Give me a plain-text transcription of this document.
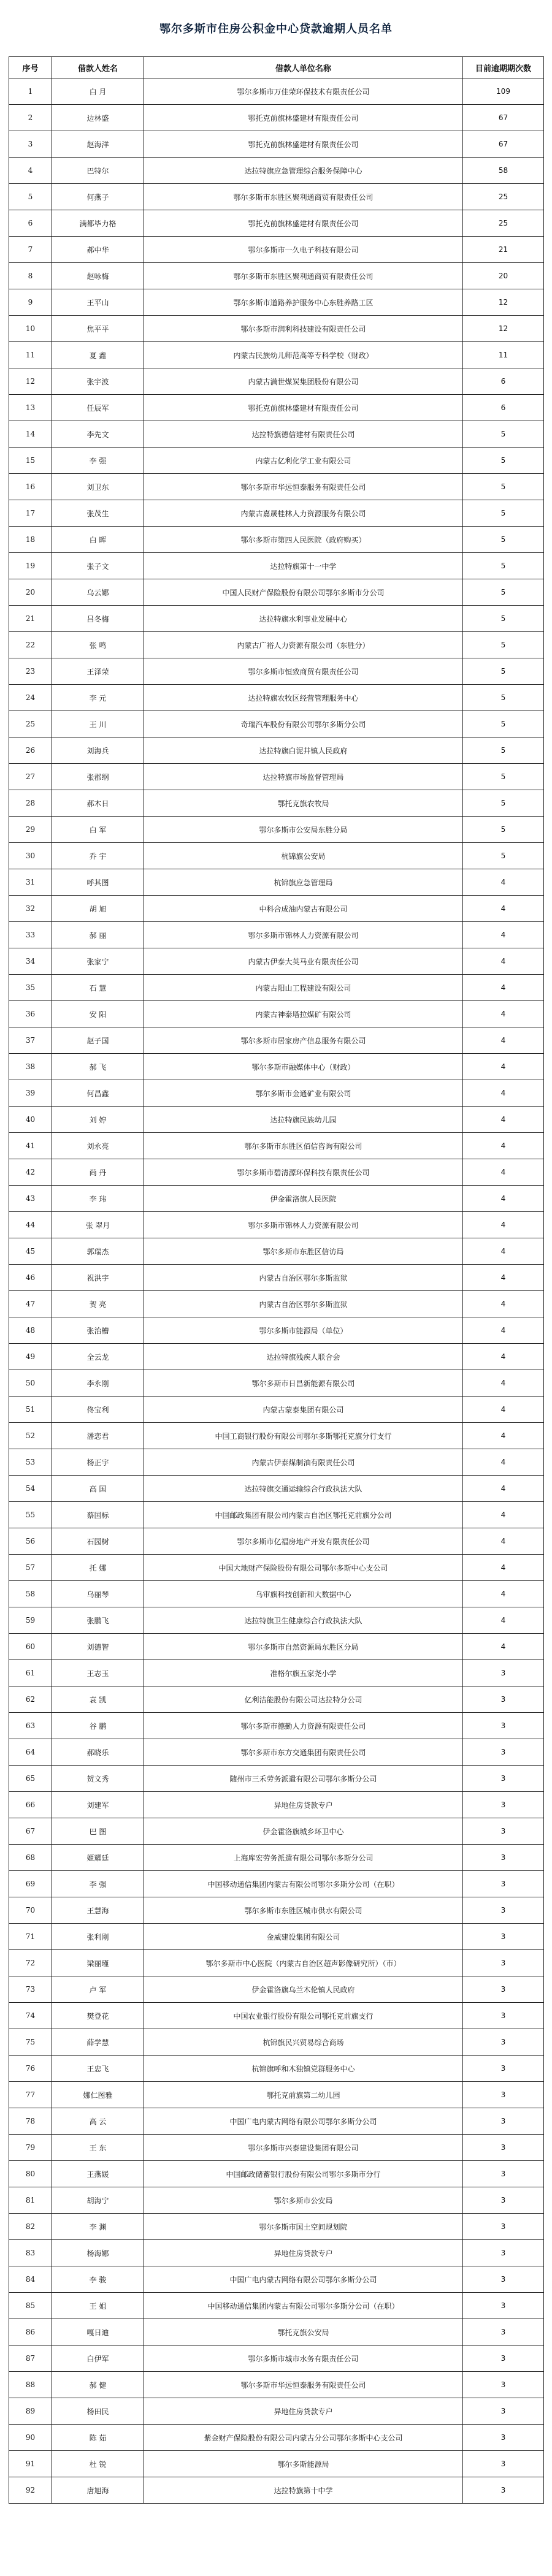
鄂尔多斯市住房公积金中心贷款逾期人员名单
序号	借款人姓名	借款人单位名称	目前逾期期次数
1	白 月	鄂尔多斯市万佳荣环保技术有限责任公司	109
2	边林盛	鄂托克前旗林盛建材有限责任公司	67
3	赵海洋	鄂托克前旗林盛建材有限责任公司	67
4	巴特尔	达拉特旗应急管理综合服务保障中心	58
5	何燕子	鄂尔多斯市东胜区聚利通商贸有限责任公司	25
6	满都毕力格	鄂托克前旗林盛建材有限责任公司	25
7	郝中华	鄂尔多斯市一久电子科技有限公司	21
8	赵咏梅	鄂尔多斯市东胜区聚利通商贸有限责任公司	20
9	王平山	鄂尔多斯市道路养护服务中心东胜养路工区	12
10	焦平平	鄂尔多斯市润利科技建设有限责任公司	12
11	夏 鑫	内蒙古民族幼儿师范高等专科学校（财政）	11
12	张宇波	内蒙古满世煤炭集团股份有限公司	6
13	任辰军	鄂托克前旗林盛建材有限责任公司	6
14	李先文	达拉特旗德信建材有限责任公司	5
15	李 强	内蒙古亿利化学工业有限公司	5
16	刘卫东	鄂尔多斯市华远恒泰服务有限责任公司	5
17	张茂生	内蒙古嘉晟桂林人力资源服务有限公司	5
18	白 晖	鄂尔多斯市第四人民医院（政府购买）	5
19	张子文	达拉特旗第十一中学	5
20	乌云娜	中国人民财产保险股份有限公司鄂尔多斯市分公司	5
21	吕冬梅	达拉特旗水利事业发展中心	5
22	张 鸣	内蒙古广裕人力资源有限公司（东胜分）	5
23	王泽荣	鄂尔多斯市恒致商贸有限责任公司	5
24	李 元	达拉特旗农牧区经营管理服务中心	5
25	王 川	奇瑞汽车股份有限公司鄂尔多斯分公司	5
26	刘海兵	达拉特旗白泥井镇人民政府	5
27	张郡纲	达拉特旗市场监督管理局	5
28	郝木日	鄂托克旗农牧局	5
29	白 军	鄂尔多斯市公安局东胜分局	5
30	乔 宇	杭锦旗公安局	5
31	呼其图	杭锦旗应急管理局	4
32	胡 旭	中科合成油内蒙古有限公司	4
33	郝 丽	鄂尔多斯市锦林人力资源有限公司	4
34	张家宁	内蒙古伊泰大英马业有限责任公司	4
35	石 慧	内蒙古阳山工程建设有限公司	4
36	安 阳	内蒙古神泰塔拉煤矿有限公司	4
37	赵子国	鄂尔多斯市居家房产信息服务有限公司	4
38	郝 飞	鄂尔多斯市融媒体中心（财政）	4
39	何昌鑫	鄂尔多斯市金通矿业有限公司	4
40	刘 婷	达拉特旗民族幼儿园	4
41	刘永亮	鄂尔多斯市东胜区佰信咨询有限公司	4
42	尚 丹	鄂尔多斯市碧清源环保科技有限责任公司	4
43	李 玮	伊金霍洛旗人民医院	4
44	张 翠月	鄂尔多斯市锦林人力资源有限公司	4
45	郭瑞杰	鄂尔多斯市东胜区信访局	4
46	祝洪宇	内蒙古自治区鄂尔多斯监狱	4
47	贺 亮	内蒙古自治区鄂尔多斯监狱	4
48	张治槽	鄂尔多斯市能源局（单位）	4
49	全云龙	达拉特旗残疾人联合会	4
50	李永刚	鄂尔多斯市日昌新能源有限公司	4
51	佟宝利	内蒙古蒙泰集团有限公司	4
52	潘恋君	中国工商银行股份有限公司鄂尔多斯鄂托克旗分行支行	4
53	杨正宇	内蒙古伊泰煤制油有限责任公司	4
54	高 国	达拉特旗交通运输综合行政执法大队	4
55	蔡国标	中国邮政集团有限公司内蒙古自治区鄂托克前旗分公司	4
56	石园树	鄂尔多斯市亿福房地产开发有限责任公司	4
57	托 娜	中国大地财产保险股份有限公司鄂尔多斯中心支公司	4
58	乌丽琴	乌审旗科技创新和大数据中心	4
59	张鹏飞	达拉特旗卫生健康综合行政执法大队	4
60	刘德智	鄂尔多斯市自然资源局东胜区分局	4
61	王志玉	准格尔旗五家尧小学	3
62	袁 凯	亿利洁能股份有限公司达拉特分公司	3
63	谷 鹏	鄂尔多斯市德勤人力资源有限责任公司	3
64	郝晓乐	鄂尔多斯市东方交通集团有限责任公司	3
65	贺文秀	随州市三禾劳务派遣有限公司鄂尔多斯分公司	3
66	刘建军	异地住房贷款专户	3
67	巴 图	伊金霍洛旗城乡环卫中心	3
68	姬耀廷	上海库宏劳务派遣有限公司鄂尔多斯分公司	3
69	李 强	中国移动通信集团内蒙古有限公司鄂尔多斯分公司（在职）	3
70	王慧海	鄂尔多斯市东胜区城市供水有限公司	3
71	张利刚	金威建设集团有限公司	3
72	梁丽瑾	鄂尔多斯市中心医院（内蒙古自治区超声影像研究所）（市）	3
73	卢 军	伊金霍洛旗乌兰木伦镇人民政府	3
74	樊登花	中国农业银行股份有限公司鄂托克前旗支行	3
75	薛学慧	杭锦旗民兴贸易综合商场	3
76	王忠飞	杭锦旗呼和木独镇党群服务中心	3
77	娜仁图雅	鄂托克前旗第二幼儿园	3
78	高 云	中国广电内蒙古网络有限公司鄂尔多斯分公司	3
79	王 东	鄂尔多斯市兴泰建设集团有限公司	3
80	王燕媛	中国邮政储蓄银行股份有限公司鄂尔多斯市分行	3
81	胡海宁	鄂尔多斯市公安局	3
82	李 渊	鄂尔多斯市国土空间规划院	3
83	杨海娜	异地住房贷款专户	3
84	李 骏	中国广电内蒙古网络有限公司鄂尔多斯分公司	3
85	王 姐	中国移动通信集团内蒙古有限公司鄂尔多斯分公司（在职）	3
86	嘎日迪	鄂托克旗公安局	3
87	白伊军	鄂尔多斯市城市水务有限责任公司	3
88	郝 健	鄂尔多斯市华远恒泰服务有限责任公司	3
89	杨田民	异地住房贷款专户	3
90	陈 茹	紫金财产保险股份有限公司内蒙古分公司鄂尔多斯中心支公司	3
91	杜 锐	鄂尔多斯能源局	3
92	唐旭海	达拉特旗第十中学	3
